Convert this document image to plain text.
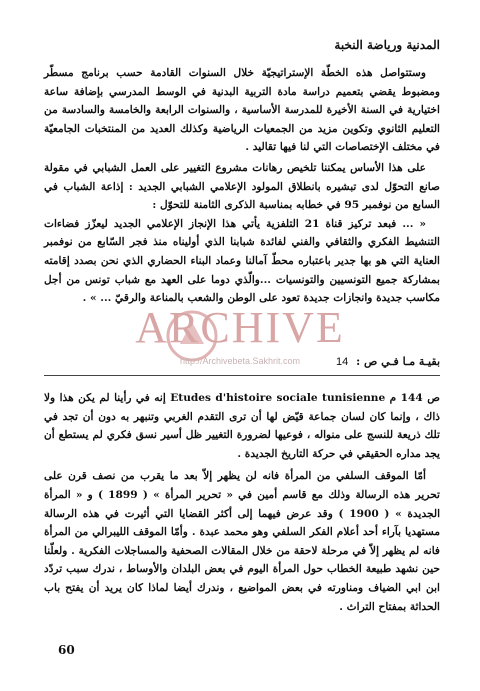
المدنية ورياضة النخبة

وستتواصل هذه الخطّة الإستراتيجيّة خلال السنوات القادمة حسب برنامج مسطّر ومضبوط يقضي بتعميم دراسة مادة التربية البدنية في الوسط المدرسي بإضافة ساعة اختيارية في السنة الأخيرة للمدرسة الأساسية ، والسنوات الرابعة والخامسة والسادسة من التعليم الثانوي وتكوين مزيد من الجمعيات الرياضية وكذلك العديد من المنتخبات الجامعيّة في مختلف الإختصاصات التي لنا فيها تقاليد .

على هذا الأساس يمكننا تلخيص رهانات مشروع التغيير على العمل الشبابي في مقولة صانع التحوّل لدى تبشيره بانطلاق المولود الإعلامي الشبابي الجديد : إذاعة الشباب في السابع من نوفمبر 95 في خطابه بمناسبة الذكرى الثامنة للتحوّل :

« ... فبعد تركيز قناة 21 التلفزية يأتي هذا الإنجاز الإعلامي الجديد ليعزّز فضاءات التنشيط الفكري والثقافي والفني لفائدة شبابنا الذي أوليناه منذ فجر السّابع من نوفمبر العناية التي هو بها جدير باعتباره محطّ آمالنا وعماد البناء الحضاري الذي نحن بصدد إقامته بمشاركة جميع التونسيين والتونسيات ...والّذي دوما على العهد مع شباب تونس من أجل مكاسب جديدة وانجازات جديدة تعود على الوطن والشعب بالمناعة والرقيّ ... » .

ARCHIVE
http://Archivebeta.Sakhrit.com	بقيـة مـا فـي ص : 14

ص 144 م Etudes d'histoire sociale tunisienne إنه في رأينا لم يكن هذا ولا ذاك ، وإنما كان لسان جماعة قيّض لها أن ترى التقدم الغربي وتنبهر به دون أن تجد في تلك ذريعة للنسج على منواله ، فوعيها لضرورة التغيير ظل أسير نسق فكري لم يستطع أن يجد مداره الحقيقي في حركة التاريخ الجديدة .

أمّا الموقف السلفي من المرأة فانه لن يظهر إلاّ بعد ما يقرب من نصف قرن على تحرير هذه الرسالة وذلك مع قاسم أمين في « تحرير المرأة » ( 1899 ) و « المرأة الجديدة » ( 1900 ) وقد عرض فيهما إلى أكثر القضايا التي أثيرت في هذه الرسالة مستهديا بآراء أحد أعلام الفكر السلفي وهو محمد عبدة . وأمّا الموقف الليبرالي من المرأة فانه لم يظهر إلاّ في مرحلة لاحقة من خلال المقالات الصحفية والمساجلات الفكرية . ولعلّنا حين نشهد طبيعة الخطاب حول المرأة اليوم في بعض البلدان والأوساط ، ندرك سبب تردّد ابن ابي الضياف ومناورته في بعض المواضيع ، وندرك أيضا لماذا كان يريد أن يفتح باب الحداثة بمفتاح التراث .

60
